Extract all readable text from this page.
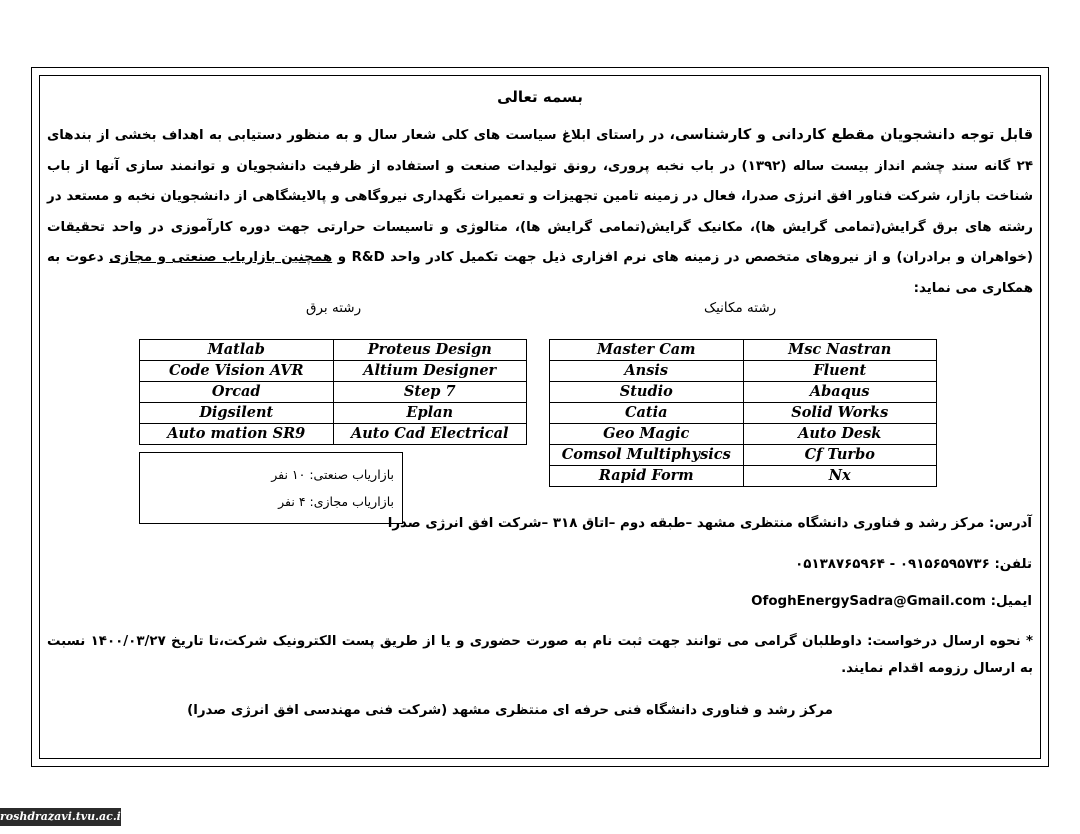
بسمه تعالی
قابل توجه دانشجویان مقطع کاردانی و کارشناسی، در راستای ابلاغ سیاست های کلی شعار سال و به منظور دستیابی به اهداف بخشی از بندهای ۲۴ گانه سند چشم انداز بیست ساله (۱۳۹۲) در باب نخبه پروری، رونق تولیدات صنعت و استفاده از ظرفیت دانشجویان و توانمند سازی آنها از باب شناخت بازار، شرکت فناور افق انرژی صدرا، فعال در زمینه تامین تجهیزات و تعمیرات نگهداری نیروگاهی و پالایشگاهی از دانشجویان نخبه و مستعد در رشته های برق گرایش(تمامی گرایش ها)، مکانیک گرایش(تمامی گرایش ها)، متالوژی و تاسیسات حرارتی جهت دوره کارآموزی در واحد تحقیقات (خواهران و برادران) و از نیروهای متخصص در زمینه های نرم افزاری ذیل جهت تکمیل کادر واحد R&D و همچنین بازاریاب صنعتی و مجازی دعوت به همکاری می نماید:
رشته مکانیک
رشته برق
Master Cam	Msc Nastran
Ansis	Fluent
Studio	Abaqus
Catia	Solid Works
Geo Magic	Auto Desk
Comsol Multiphysics	Cf Turbo
Rapid Form	Nx
Matlab	Proteus Design
Code Vision AVR	Altium Designer
Orcad	Step 7
Digsilent	Eplan
Auto mation SR9	Auto Cad Electrical
بازاریاب صنعتی: ۱۰ نفر
بازاریاب مجازی: ۴ نفر
آدرس: مرکز رشد و فناوری دانشگاه منتظری مشهد –طبقه دوم –اتاق ۳۱۸ –شرکت افق انرژی صدرا
تلفن: ۰۹۱۵۶۵۹۵۷۳۶ - ۰۵۱۳۸۷۶۵۹۶۴
ایمیل: OfoghEnergySadra@Gmail.com
* نحوه ارسال درخواست: داوطلبان گرامی می توانند جهت ثبت نام به صورت حضوری و یا از طریق پست الکترونیک شرکت،تا تاریخ ۱۴۰۰/۰۳/۲۷ نسبت به ارسال رزومه اقدام نمایند.
مرکز رشد و فناوری دانشگاه فنی حرفه ای منتظری مشهد (شرکت فنی مهندسی افق انرژی صدرا)
roshdrazavi.tvu.ac.ir
